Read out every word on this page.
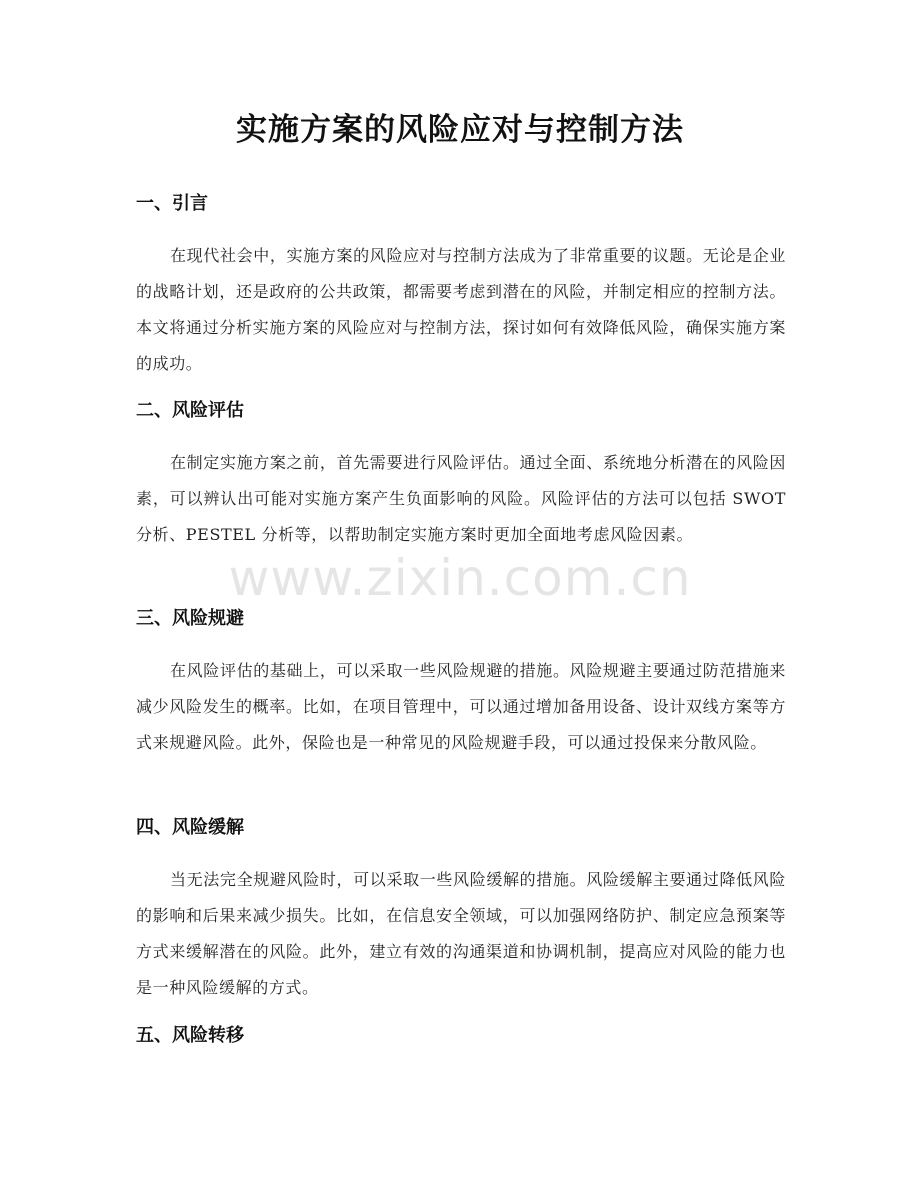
实施方案的风险应对与控制方法
一、引言

在现代社会中，实施方案的风险应对与控制方法成为了非常重要的议题。无论是企业的战略计划，还是政府的公共政策，都需要考虑到潜在的风险，并制定相应的控制方法。本文将通过分析实施方案的风险应对与控制方法，探讨如何有效降低风险，确保实施方案的成功。

二、风险评估

在制定实施方案之前，首先需要进行风险评估。通过全面、系统地分析潜在的风险因素，可以辨认出可能对实施方案产生负面影响的风险。风险评估的方法可以包括 SWOT 分析、PESTEL 分析等，以帮助制定实施方案时更加全面地考虑风险因素。

三、风险规避

在风险评估的基础上，可以采取一些风险规避的措施。风险规避主要通过防范措施来减少风险发生的概率。比如，在项目管理中，可以通过增加备用设备、设计双线方案等方式来规避风险。此外，保险也是一种常见的风险规避手段，可以通过投保来分散风险。

四、风险缓解

当无法完全规避风险时，可以采取一些风险缓解的措施。风险缓解主要通过降低风险的影响和后果来减少损失。比如，在信息安全领域，可以加强网络防护、制定应急预案等方式来缓解潜在的风险。此外，建立有效的沟通渠道和协调机制，提高应对风险的能力也是一种风险缓解的方式。

五、风险转移
www.zixin.com.cn
